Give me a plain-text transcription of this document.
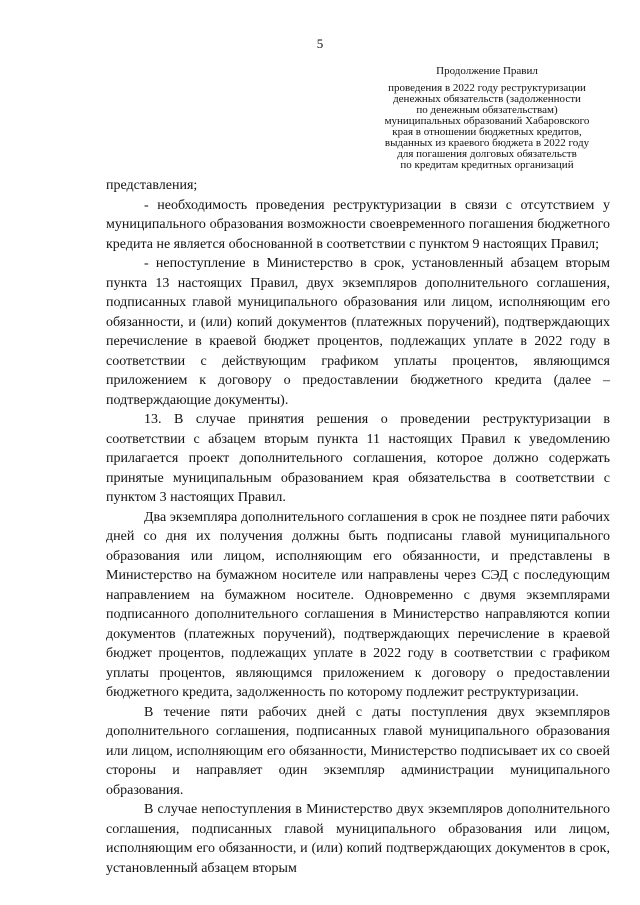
5
Продолжение Правил
проведения в 2022 году реструктуризации
денежных обязательств (задолженности
по денежным обязательствам)
муниципальных образований Хабаровского
края в отношении бюджетных кредитов,
выданных из краевого бюджета в 2022 году
для погашения долговых обязательств
по кредитам кредитных организаций

представления;

- необходимость проведения реструктуризации в связи с отсутствием у муниципального образования возможности своевременного погашения бюджетного кредита не является обоснованной в соответствии с пунктом 9 настоящих Правил;

- непоступление в Министерство в срок, установленный абзацем вторым пункта 13 настоящих Правил, двух экземпляров дополнительного соглашения, подписанных главой муниципального образования или лицом, исполняющим его обязанности, и (или) копий документов (платежных поручений), подтверждающих перечисление в краевой бюджет процентов, подлежащих уплате в 2022 году в соответствии с действующим графиком уплаты процентов, являющимся приложением к договору о предоставлении бюджетного кредита (далее – подтверждающие документы).

13. В случае принятия решения о проведении реструктуризации в соответствии с абзацем вторым пункта 11 настоящих Правил к уведомлению прилагается проект дополнительного соглашения, которое должно содержать принятые муниципальным образованием края обязательства в соответствии с пунктом 3 настоящих Правил.

Два экземпляра дополнительного соглашения в срок не позднее пяти рабочих дней со дня их получения должны быть подписаны главой муниципального образования или лицом, исполняющим его обязанности, и представлены в Министерство на бумажном носителе или направлены через СЭД с последующим направлением на бумажном носителе. Одновременно с двумя экземплярами подписанного дополнительного соглашения в Министерство направляются копии документов (платежных поручений), подтверждающих перечисление в краевой бюджет процентов, подлежащих уплате в 2022 году в соответствии с графиком уплаты процентов, являющимся приложением к договору о предоставлении бюджетного кредита, задолженность по которому подлежит реструктуризации.

В течение пяти рабочих дней с даты поступления двух экземпляров дополнительного соглашения, подписанных главой муниципального образования или лицом, исполняющим его обязанности, Министерство подписывает их со своей стороны и направляет один экземпляр администрации муниципального образования.

В случае непоступления в Министерство двух экземпляров дополнительного соглашения, подписанных главой муниципального образования или лицом, исполняющим его обязанности, и (или) копий подтверждающих документов в срок, установленный абзацем вторым
